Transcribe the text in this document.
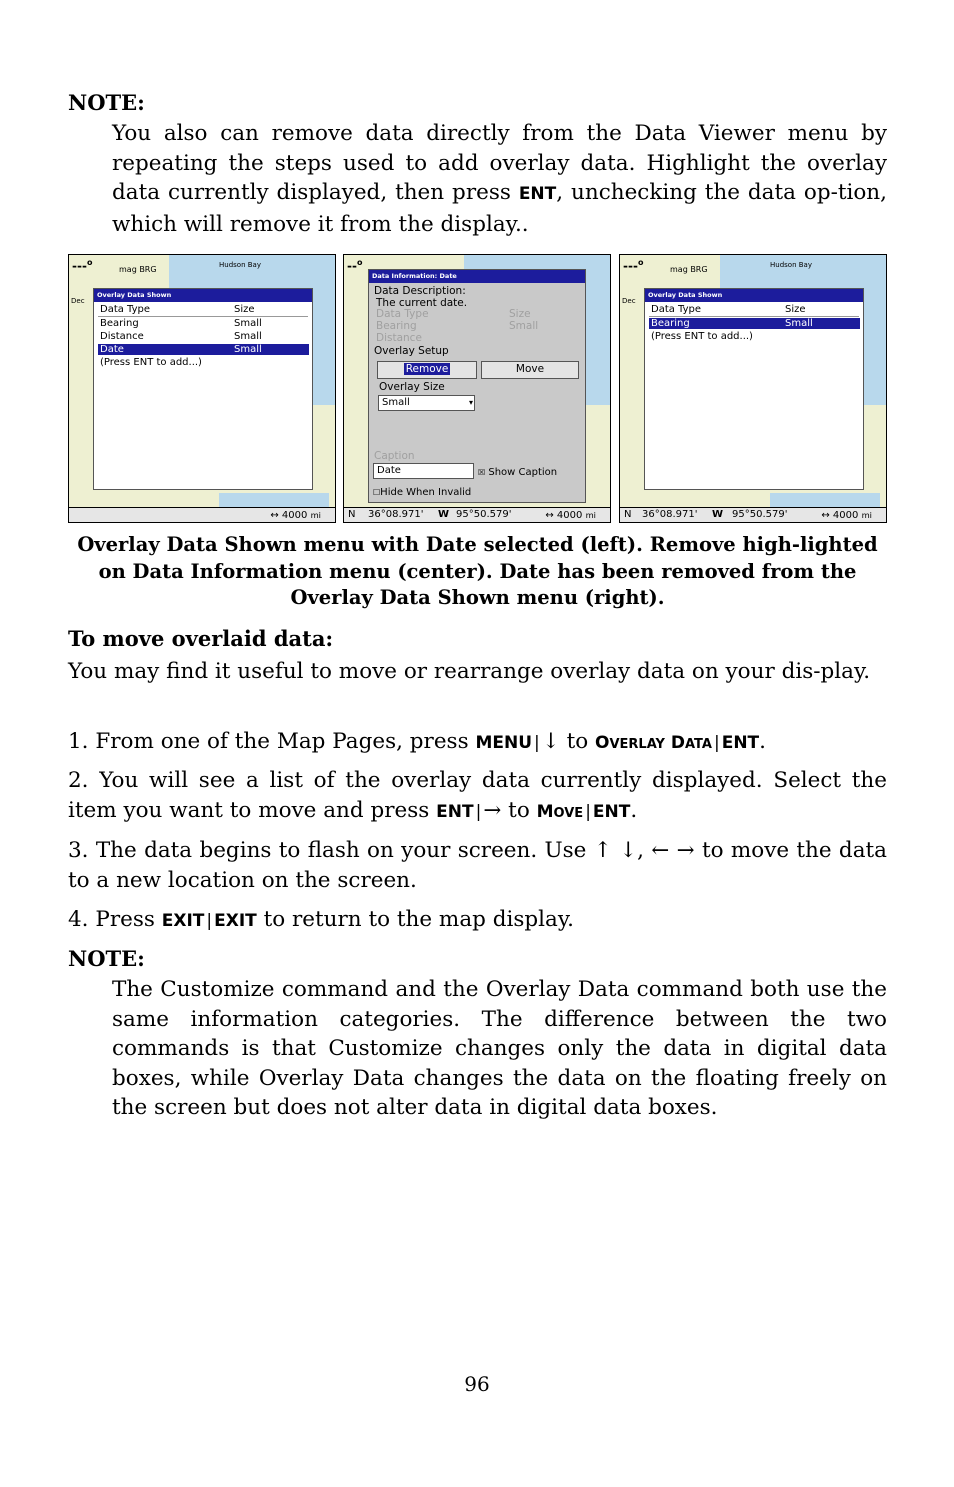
NOTE:
You also can remove data directly from the Data Viewer menu by repeating the steps used to add overlay data. Highlight the overlay data currently displayed, then press ENT, unchecking the data op-tion, which will remove it from the display..
---$^o$
mag BRG	Hudson Bay
Dec
Overlay Data Shown
Data Type	Size
Bearing	Small
Distance	Small
Date	Small
(Press ENT to add...)
↔ 4000 mi
--$^o$
Data Information: Date
Data Description:
The current date.
Data Type	Size
Bearing	Small
Distance
Overlay Setup
Remove	Move
Overlay Size
Small	▾
Caption
Date	☒ Show Caption
☐Hide When Invalid
N 36°08.971' W 95°50.579'	↔ 4000 mi
---$^o$
mag BRG	Hudson Bay
Dec
Overlay Data Shown
Data Type	Size
Bearing	Small
(Press ENT to add...)
N 36°08.971' W 95°50.579'	↔ 4000 mi
Overlay Data Shown menu with Date selected (left). Remove high-lighted on Data Information menu (center). Date has been removed from the Overlay Data Shown menu (right).
To move overlaid data:
You may find it useful to move or rearrange overlay data on your dis-play.
1. From one of the Map Pages, press MENU |↓ to OVERLAY DATA | ENT.
2. You will see a list of the overlay data currently displayed. Select the item you want to move and press ENT |→ to MOVE | ENT.
3. The data begins to flash on your screen. Use ↑ ↓, ← → to move the data to a new location on the screen.
4. Press EXIT | EXIT to return to the map display.
NOTE:
The Customize command and the Overlay Data command both use the same information categories. The difference between the two commands is that Customize changes only the data in digital data boxes, while Overlay Data changes the data on the floating freely on the screen but does not alter data in digital data boxes.
96
